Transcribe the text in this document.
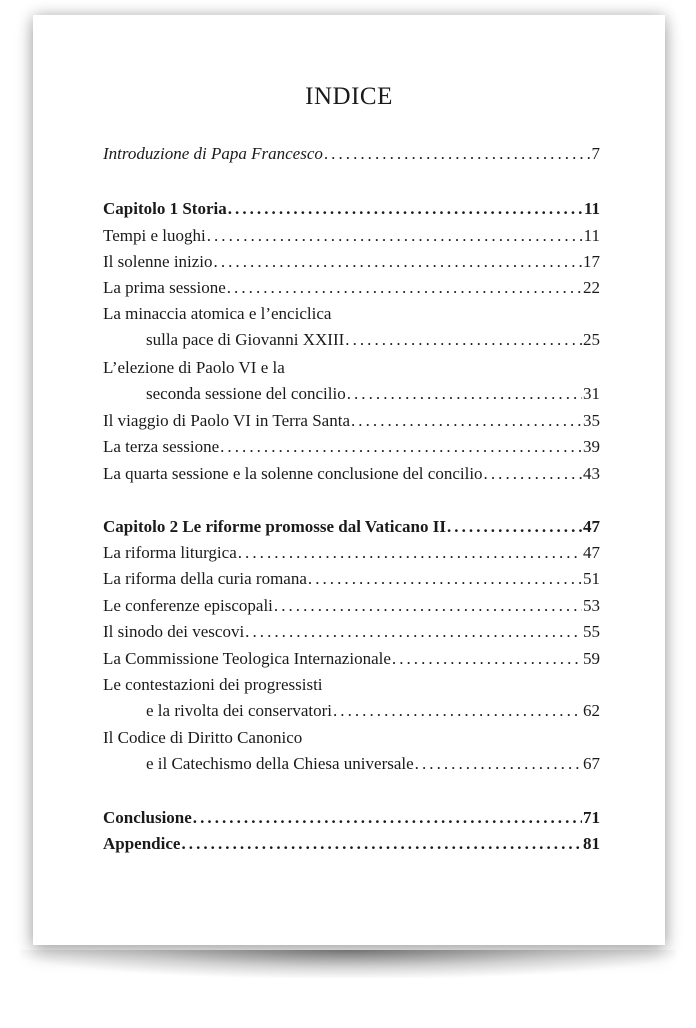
INDICE
Introduzione di Papa Francesco . . .	7
Capitolo 1 Storia . . .	11
Tempi e luoghi . . .	11
Il solenne inizio . . .	17
La prima sessione . . .	22
La minaccia atomica e l’enciclica
sulla pace di Giovanni XXIII . . .	25
L’elezione di Paolo VI e la
seconda sessione del concilio . . .	31
Il viaggio di Paolo VI in Terra Santa . . .	35
La terza sessione . . .	39
La quarta sessione e la solenne conclusione del concilio . . .	43
Capitolo 2 Le riforme promosse dal Vaticano II . . .	47
La riforma liturgica . . .	47
La riforma della curia romana . . .	51
Le conferenze episcopali . . .	53
Il sinodo dei vescovi . . .	55
La Commissione Teologica Internazionale . . .	59
Le contestazioni dei progressisti
e la rivolta dei conservatori . . .	62
Il Codice di Diritto Canonico
e il Catechismo della Chiesa universale . . .	67
Conclusione . . .	71
Appendice . . .	81
